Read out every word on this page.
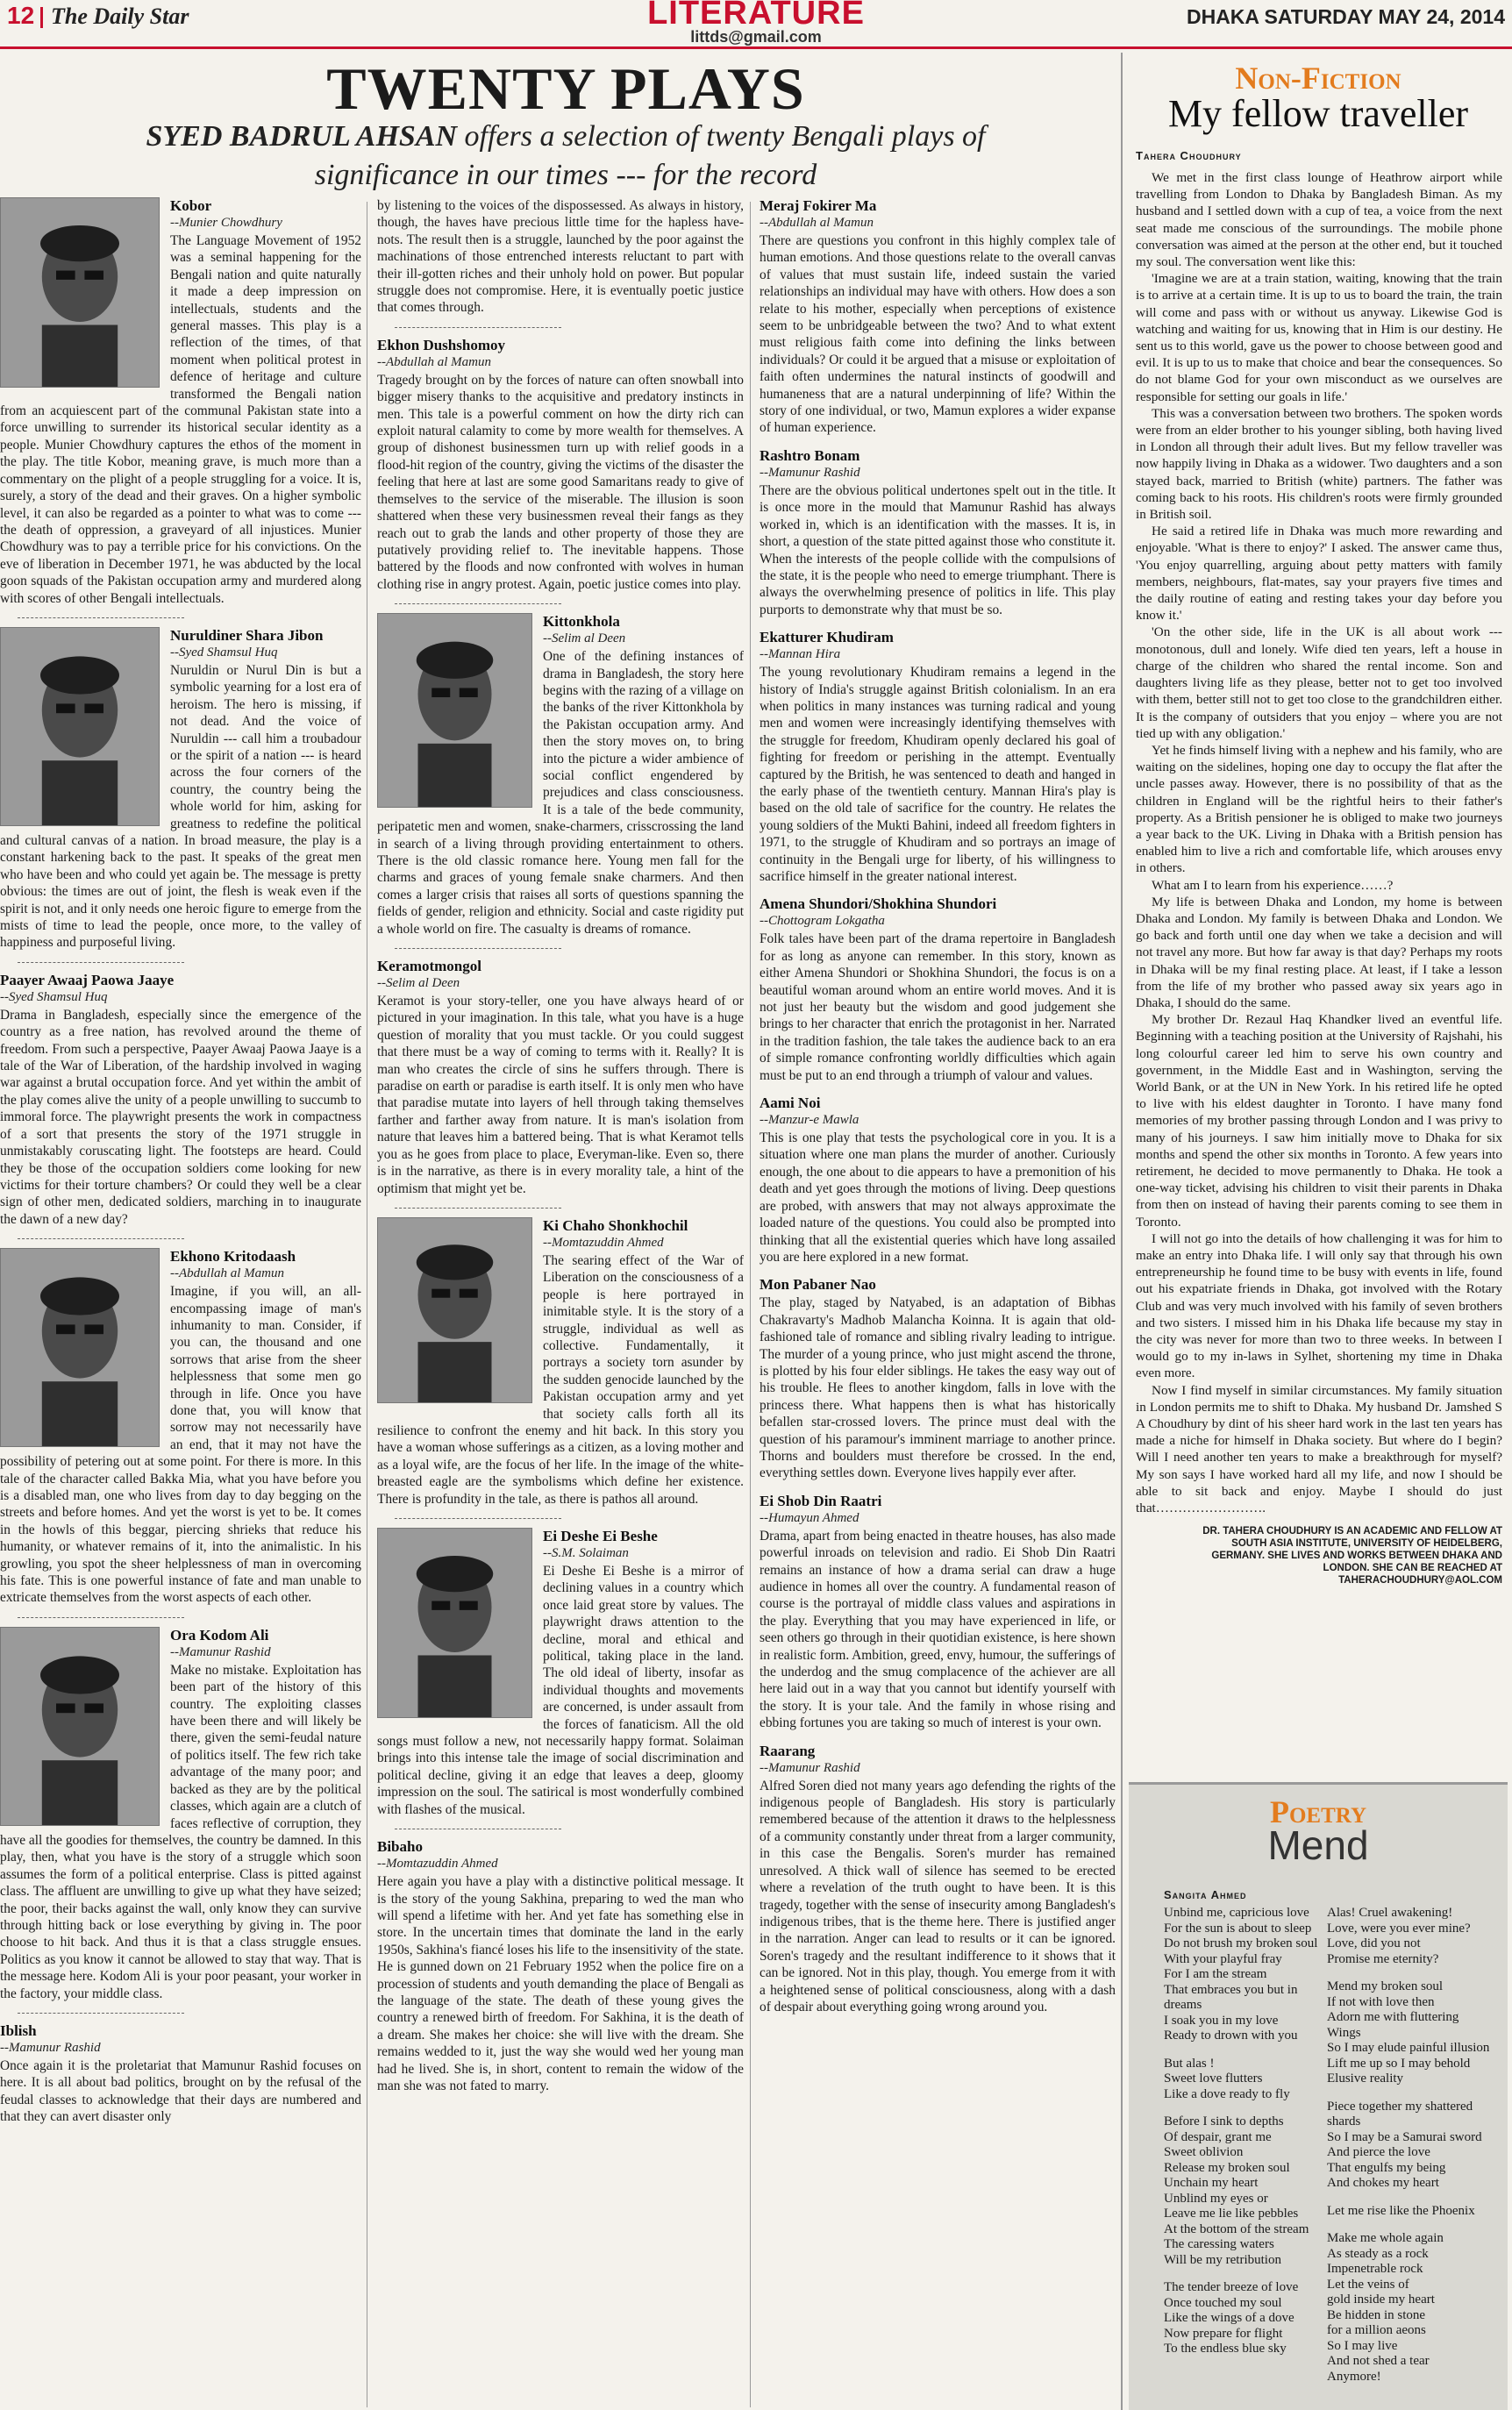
12 The Daily Star	LITERATURE
littds@gmail.com
DHAKA SATURDAY MAY 24, 2014
TWENTY PLAYS
SYED BADRUL AHSAN offers a selection of twenty Bengali plays of significance in our times --- for the record
Kobor
--Munier Chowdhury

The Language Movement of 1952 was a seminal happening for the Bengali nation and quite naturally it made a deep impression on intellectuals, students and the general masses. This play is a reflection of the times, of that moment when political protest in defence of heritage and culture transformed the Bengali nation from an acquiescent part of the communal Pakistan state into a force unwilling to surrender its historical secular identity as a people. Munier Chowdhury captures the ethos of the moment in the play. The title Kobor, meaning grave, is much more than a commentary on the plight of a people struggling for a voice. It is, surely, a story of the dead and their graves. On a higher symbolic level, it can also be regarded as a pointer to what was to come --- the death of oppression, a graveyard of all injustices. Munier Chowdhury was to pay a terrible price for his convictions. On the eve of liberation in December 1971, he was abducted by the local goon squads of the Pakistan occupation army and murdered along with scores of other Bengali intellectuals.

Nuruldiner Shara Jibon
--Syed Shamsul Huq

Nuruldin or Nurul Din is but a symbolic yearning for a lost era of heroism. The hero is missing, if not dead. And the voice of Nuruldin --- call him a troubadour or the spirit of a nation --- is heard across the four corners of the country, the country being the whole world for him, asking for greatness to redefine the political and cultural canvas of a nation. In broad measure, the play is a constant harkening back to the past. It speaks of the great men who have been and who could yet again be. The message is pretty obvious: the times are out of joint, the flesh is weak even if the spirit is not, and it only needs one heroic figure to emerge from the mists of time to lead the people, once more, to the valley of happiness and purposeful living.

Paayer Awaaj Paowa Jaaye
--Syed Shamsul Huq

Drama in Bangladesh, especially since the emergence of the country as a free nation, has revolved around the theme of freedom. From such a perspective, Paayer Awaaj Paowa Jaaye is a tale of the War of Liberation, of the hardship involved in waging war against a brutal occupation force. And yet within the ambit of the play comes alive the unity of a people unwilling to succumb to immoral force. The playwright presents the work in compactness of a sort that presents the story of the 1971 struggle in unmistakably coruscating light. The footsteps are heard. Could they be those of the occupation soldiers come looking for new victims for their torture chambers? Or could they well be a clear sign of other men, dedicated soldiers, marching in to inaugurate the dawn of a new day?

Ekhono Kritodaash
--Abdullah al Mamun

Imagine, if you will, an all-encompassing image of man's inhumanity to man. Consider, if you can, the thousand and one sorrows that arise from the sheer helplessness that some men go through in life. Once you have done that, you will know that sorrow may not necessarily have an end, that it may not have the possibility of petering out at some point. For there is more. In this tale of the character called Bakka Mia, what you have before you is a disabled man, one who lives from day to day begging on the streets and before homes. And yet the worst is yet to be. It comes in the howls of this beggar, piercing shrieks that reduce his humanity, or whatever remains of it, into the animalistic. In his growling, you spot the sheer helplessness of man in overcoming his fate. This is one powerful instance of fate and man unable to extricate themselves from the worst aspects of each other.

Ora Kodom Ali
--Mamunur Rashid

Make no mistake. Exploitation has been part of the history of this country. The exploiting classes have been there and will likely be there, given the semi-feudal nature of politics itself. The few rich take advantage of the many poor; and backed as they are by the political classes, which again are a clutch of faces reflective of corruption, they have all the goodies for themselves, the country be damned. In this play, then, what you have is the story of a struggle which soon assumes the form of a political enterprise. Class is pitted against class. The affluent are unwilling to give up what they have seized; the poor, their backs against the wall, only know they can survive through hitting back or lose everything by giving in. The poor choose to hit back. And thus it is that a class struggle ensues. Politics as you know it cannot be allowed to stay that way. That is the message here. Kodom Ali is your poor peasant, your worker in the factory, your middle class.

Iblish
--Mamunur Rashid

Once again it is the proletariat that Mamunur Rashid focuses on here. It is all about bad politics, brought on by the refusal of the feudal classes to acknowledge that their days are numbered and that they can avert disaster only

by listening to the voices of the dispossessed. As always in history, though, the haves have precious little time for the hapless have-nots. The result then is a struggle, launched by the poor against the machinations of those entrenched interests reluctant to part with their ill-gotten riches and their unholy hold on power. But popular struggle does not compromise. Here, it is eventually poetic justice that comes through.

Ekhon Dushshomoy
--Abdullah al Mamun

Tragedy brought on by the forces of nature can often snowball into bigger misery thanks to the acquisitive and predatory instincts in men. This tale is a powerful comment on how the dirty rich can exploit natural calamity to come by more wealth for themselves. A group of dishonest businessmen turn up with relief goods in a flood-hit region of the country, giving the victims of the disaster the feeling that here at last are some good Samaritans ready to give of themselves to the service of the miserable. The illusion is soon shattered when these very businessmen reveal their fangs as they reach out to grab the lands and other property of those they are putatively providing relief to. The inevitable happens. Those battered by the floods and now confronted with wolves in human clothing rise in angry protest. Again, poetic justice comes into play.

Kittonkhola
--Selim al Deen

One of the defining instances of drama in Bangladesh, the story here begins with the razing of a village on the banks of the river Kittonkhola by the Pakistan occupation army. And then the story moves on, to bring into the picture a wider ambience of social conflict engendered by prejudices and class consciousness. It is a tale of the bede community, peripatetic men and women, snake-charmers, crisscrossing the land in search of a living through providing entertainment to others. There is the old classic romance here. Young men fall for the charms and graces of young female snake charmers. And then comes a larger crisis that raises all sorts of questions spanning the fields of gender, religion and ethnicity. Social and caste rigidity put a whole world on fire. The casualty is dreams of romance.

Keramotmongol
--Selim al Deen

Keramot is your story-teller, one you have always heard of or pictured in your imagination. In this tale, what you have is a huge question of morality that you must tackle. Or you could suggest that there must be a way of coming to terms with it. Really? It is man who creates the circle of sins he suffers through. There is paradise on earth or paradise is earth itself. It is only men who have that paradise mutate into layers of hell through taking themselves farther and farther away from nature. It is man's isolation from nature that leaves him a battered being. That is what Keramot tells you as he goes from place to place, Everyman-like. Even so, there is in the narrative, as there is in every morality tale, a hint of the optimism that might yet be.

Ki Chaho Shonkhochil
--Momtazuddin Ahmed

The searing effect of the War of Liberation on the consciousness of a people is here portrayed in inimitable style. It is the story of a struggle, individual as well as collective. Fundamentally, it portrays a society torn asunder by the sudden genocide launched by the Pakistan occupation army and yet that society calls forth all its resilience to confront the enemy and hit back. In this story you have a woman whose sufferings as a citizen, as a loving mother and as a loyal wife, are the focus of her life. In the image of the white-breasted eagle are the symbolisms which define her existence. There is profundity in the tale, as there is pathos all around.

Ei Deshe Ei Beshe
--S.M. Solaiman

Ei Deshe Ei Beshe is a mirror of declining values in a country which once laid great store by values. The playwright draws attention to the decline, moral and ethical and political, taking place in the land. The old ideal of liberty, insofar as individual thoughts and movements are concerned, is under assault from the forces of fanaticism. All the old songs must follow a new, not necessarily happy format. Solaiman brings into this intense tale the image of social discrimination and political decline, giving it an edge that leaves a deep, gloomy impression on the soul. The satirical is most wonderfully combined with flashes of the musical.

Bibaho
--Momtazuddin Ahmed

Here again you have a play with a distinctive political message. It is the story of the young Sakhina, preparing to wed the man who will spend a lifetime with her. And yet fate has something else in store. In the uncertain times that dominate the land in the early 1950s, Sakhina's fiancé loses his life to the insensitivity of the state. He is gunned down on 21 February 1952 when the police fire on a procession of students and youth demanding the place of Bengali as the language of the state. The death of these young gives the country a renewed birth of freedom. For Sakhina, it is the death of a dream. She makes her choice: she will live with the dream. She remains wedded to it, just the way she would wed her young man had he lived. She is, in short, content to remain the widow of the man she was not fated to marry.

Meraj Fokirer Ma
--Abdullah al Mamun

There are questions you confront in this highly complex tale of human emotions. And those questions relate to the overall canvas of values that must sustain life, indeed sustain the varied relationships an individual may have with others. How does a son relate to his mother, especially when perceptions of existence seem to be unbridgeable between the two? And to what extent must religious faith come into defining the links between individuals? Or could it be argued that a misuse or exploitation of faith often undermines the natural instincts of goodwill and humaneness that are a natural underpinning of life? Within the story of one individual, or two, Mamun explores a wider expanse of human experience.

Rashtro Bonam
--Mamunur Rashid

There are the obvious political undertones spelt out in the title. It is once more in the mould that Mamunur Rashid has always worked in, which is an identification with the masses. It is, in short, a question of the state pitted against those who constitute it. When the interests of the people collide with the compulsions of the state, it is the people who need to emerge triumphant. There is always the overwhelming presence of politics in life. This play purports to demonstrate why that must be so.

Ekatturer Khudiram
--Mannan Hira

The young revolutionary Khudiram remains a legend in the history of India's struggle against British colonialism. In an era when politics in many instances was turning radical and young men and women were increasingly identifying themselves with the struggle for freedom, Khudiram openly declared his goal of fighting for freedom or perishing in the attempt. Eventually captured by the British, he was sentenced to death and hanged in the early phase of the twentieth century. Mannan Hira's play is based on the old tale of sacrifice for the country. He relates the young soldiers of the Mukti Bahini, indeed all freedom fighters in 1971, to the struggle of Khudiram and so portrays an image of continuity in the Bengali urge for liberty, of his willingness to sacrifice himself in the greater national interest.

Amena Shundori/Shokhina Shundori
--Chottogram Lokgatha

Folk tales have been part of the drama repertoire in Bangladesh for as long as anyone can remember. In this story, known as either Amena Shundori or Shokhina Shundori, the focus is on a beautiful woman around whom an entire world moves. And it is not just her beauty but the wisdom and good judgement she brings to her character that enrich the protagonist in her. Narrated in the tradition fashion, the tale takes the audience back to an era of simple romance confronting worldly difficulties which again must be put to an end through a triumph of valour and values.

Aami Noi
--Manzur-e Mawla

This is one play that tests the psychological core in you. It is a situation where one man plans the murder of another. Curiously enough, the one about to die appears to have a premonition of his death and yet goes through the motions of living. Deep questions are probed, with answers that may not always approximate the loaded nature of the questions. You could also be prompted into thinking that all the existential queries which have long assailed you are here explored in a new format.

Mon Pabaner Nao

The play, staged by Natyabed, is an adaptation of Bibhas Chakravarty's Madhob Malancha Koinna. It is again that old-fashioned tale of romance and sibling rivalry leading to intrigue. The murder of a young prince, who just might ascend the throne, is plotted by his four elder siblings. He takes the easy way out of his trouble. He flees to another kingdom, falls in love with the princess there. What happens then is what has historically befallen star-crossed lovers. The prince must deal with the question of his paramour's imminent marriage to another prince. Thorns and boulders must therefore be crossed. In the end, everything settles down. Everyone lives happily ever after.

Ei Shob Din Raatri
--Humayun Ahmed

Drama, apart from being enacted in theatre houses, has also made powerful inroads on television and radio. Ei Shob Din Raatri remains an instance of how a drama serial can draw a huge audience in homes all over the country. A fundamental reason of course is the portrayal of middle class values and aspirations in the play. Everything that you may have experienced in life, or seen others go through in their quotidian existence, is here shown in realistic form. Ambition, greed, envy, humour, the sufferings of the underdog and the smug complacence of the achiever are all here laid out in a way that you cannot but identify yourself with the story. It is your tale. And the family in whose rising and ebbing fortunes you are taking so much of interest is your own.

Raarang
--Mamunur Rashid

Alfred Soren died not many years ago defending the rights of the indigenous people of Bangladesh. His story is particularly remembered because of the attention it draws to the helplessness of a community constantly under threat from a larger community, in this case the Bengalis. Soren's murder has remained unresolved. A thick wall of silence has seemed to be erected where a revelation of the truth ought to have been. It is this tragedy, together with the sense of insecurity among Bangladesh's indigenous tribes, that is the theme here. There is justified anger in the narration. Anger can lead to results or it can be ignored. Soren's tragedy and the resultant indifference to it shows that it can be ignored. Not in this play, though. You emerge from it with a heightened sense of political consciousness, along with a dash of despair about everything going wrong around you.

Non-Fiction
My fellow traveller
Tahera Choudhury

We met in the first class lounge of Heathrow airport while travelling from London to Dhaka by Bangladesh Biman. As my husband and I settled down with a cup of tea, a voice from the next seat made me conscious of the surroundings. The mobile phone conversation was aimed at the person at the other end, but it touched my soul. The conversation went like this:

'Imagine we are at a train station, waiting, knowing that the train is to arrive at a certain time. It is up to us to board the train, the train will come and pass with or without us anyway. Likewise God is watching and waiting for us, knowing that in Him is our destiny. He sent us to this world, gave us the power to choose between good and evil. It is up to us to make that choice and bear the consequences. So do not blame God for your own misconduct as we ourselves are responsible for setting our goals in life.'

This was a conversation between two brothers. The spoken words were from an elder brother to his younger sibling, both having lived in London all through their adult lives. But my fellow traveller was now happily living in Dhaka as a widower. Two daughters and a son stayed back, married to British (white) partners. The father was coming back to his roots. His children's roots were firmly grounded in British soil.

He said a retired life in Dhaka was much more rewarding and enjoyable. 'What is there to enjoy?' I asked. The answer came thus, 'You enjoy quarrelling, arguing about petty matters with family members, neighbours, flat-mates, say your prayers five times and the daily routine of eating and resting takes your day before you know it.'

'On the other side, life in the UK is all about work --- monotonous, dull and lonely. Wife died ten years, left a house in charge of the children who shared the rental income. Son and daughters living life as they please, better not to get too involved with them, better still not to get too close to the grandchildren either. It is the company of outsiders that you enjoy – where you are not tied up with any obligation.'

Yet he finds himself living with a nephew and his family, who are waiting on the sidelines, hoping one day to occupy the flat after the uncle passes away. However, there is no possibility of that as the children in England will be the rightful heirs to their father's property. As a British pensioner he is obliged to make two journeys a year back to the UK. Living in Dhaka with a British pension has enabled him to live a rich and comfortable life, which arouses envy in others.

What am I to learn from his experience……?

My life is between Dhaka and London, my home is between Dhaka and London. My family is between Dhaka and London. We go back and forth until one day when we take a decision and will not travel any more. But how far away is that day? Perhaps my roots in Dhaka will be my final resting place. At least, if I take a lesson from the life of my brother who passed away six years ago in Dhaka, I should do the same.

My brother Dr. Rezaul Haq Khandker lived an eventful life. Beginning with a teaching position at the University of Rajshahi, his long colourful career led him to serve his own country and government, in the Middle East and in Washington, serving the World Bank, or at the UN in New York. In his retired life he opted to live with his eldest daughter in Toronto. I have many fond memories of my brother passing through London and I was privy to many of his journeys. I saw him initially move to Dhaka for six months and spend the other six months in Toronto. A few years into retirement, he decided to move permanently to Dhaka. He took a one-way ticket, advising his children to visit their parents in Dhaka from then on instead of having their parents coming to see them in Toronto.

I will not go into the details of how challenging it was for him to make an entry into Dhaka life. I will only say that through his own entrepreneurship he found time to be busy with events in life, found out his expatriate friends in Dhaka, got involved with the Rotary Club and was very much involved with his family of seven brothers and two sisters. I missed him in his Dhaka life because my stay in the city was never for more than two to three weeks. In between I would go to my in-laws in Sylhet, shortening my time in Dhaka even more.

Now I find myself in similar circumstances. My family situation in London permits me to shift to Dhaka. My husband Dr. Jamshed S A Choudhury by dint of his sheer hard work in the last ten years has made a niche for himself in Dhaka society. But where do I begin? Will I need another ten years to make a breakthrough for myself? My son says I have worked hard all my life, and now I should be able to sit back and enjoy. Maybe I should do just that…………………….

DR. TAHERA CHOUDHURY IS AN ACADEMIC AND FELLOW AT SOUTH ASIA INSTITUTE, UNIVERSITY OF HEIDELBERG, GERMANY. SHE LIVES AND WORKS BETWEEN DHAKA AND LONDON. SHE CAN BE REACHED AT TAHERACHOUDHURY@AOL.COM
Poetry
Mend
Sangita Ahmed
Unbind me, capricious love
For the sun is about to sleep
Do not brush my broken soul
With your playful fray
For I am the stream
That embraces you but in dreams
I soak you in my love
Ready to drown with you
But alas !
Sweet love flutters
Like a dove ready to fly
Before I sink to depths
Of despair, grant me
Sweet oblivion
Release my broken soul
Unchain my heart
Unblind my eyes or
Leave me lie like pebbles
At the bottom of the stream
The caressing waters
Will be my retribution
The tender breeze of love
Once touched my soul
Like the wings of a dove
Now prepare for flight
To the endless blue sky
Alas! Cruel awakening!
Love, were you ever mine?
Love, did you not
Promise me eternity?
Mend my broken soul
If not with love then
Adorn me with fluttering Wings
So I may elude painful illusion
Lift me up so I may behold
Elusive reality
Piece together my shattered shards
So I may be a Samurai sword
And pierce the love
That engulfs my being
And chokes my heart
Let me rise like the Phoenix
Make me whole again
As steady as a rock
Impenetrable rock
Let the veins of
gold inside my heart
Be hidden in stone
for a million aeons
So I may live
And not shed a tear
Anymore!
